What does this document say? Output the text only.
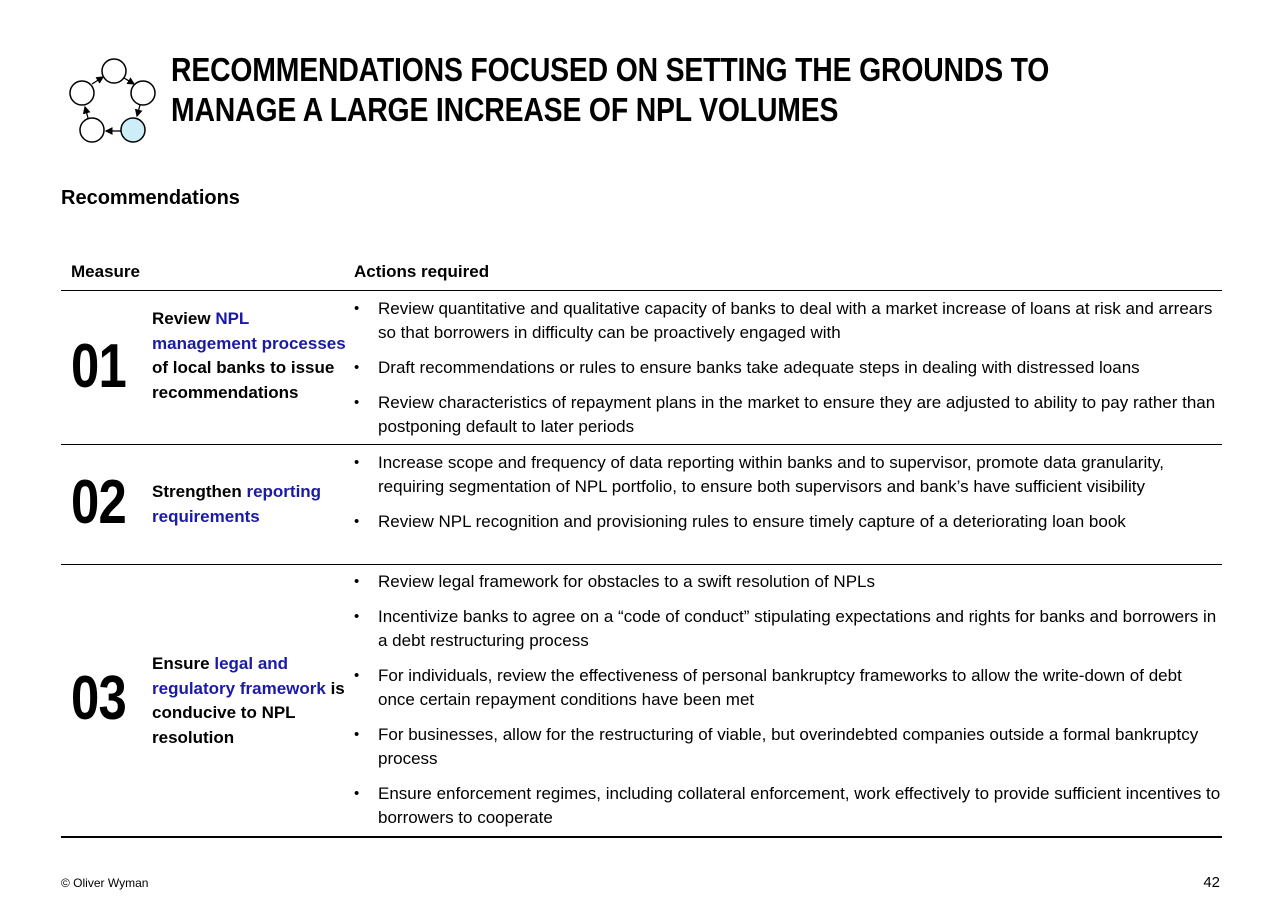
RECOMMENDATIONS FOCUSED ON SETTING THE GROUNDS TO MANAGE A LARGE INCREASE OF NPL VOLUMES
Recommendations
Measure	Actions required
01
Review NPL management processes of local banks to issue recommendations
• Review quantitative and qualitative capacity of banks to deal with a market increase of loans at risk and arrears so that borrowers in difficulty can be proactively engaged with
• Draft recommendations or rules to ensure banks take adequate steps in dealing with distressed loans
• Review characteristics of repayment plans in the market to ensure they are adjusted to ability to pay rather than postponing default to later periods
02 Strengthen reporting requirements
• Increase scope and frequency of data reporting within banks and to supervisor, promote data granularity, requiring segmentation of NPL portfolio, to ensure both supervisors and bank’s have sufficient visibility
• Review NPL recognition and provisioning rules to ensure timely capture of a deteriorating loan book
03
Ensure legal and regulatory framework is conducive to NPL resolution
• Review legal framework for obstacles to a swift resolution of NPLs
• Incentivize banks to agree on a “code of conduct” stipulating expectations and rights for banks and borrowers in a debt restructuring process
• For individuals, review the effectiveness of personal bankruptcy frameworks to allow the write-down of debt once certain repayment conditions have been met
• For businesses, allow for the restructuring of viable, but overindebted companies outside a formal bankruptcy process
• Ensure enforcement regimes, including collateral enforcement, work effectively to provide sufficient incentives to borrowers to cooperate
© Oliver Wyman	42
